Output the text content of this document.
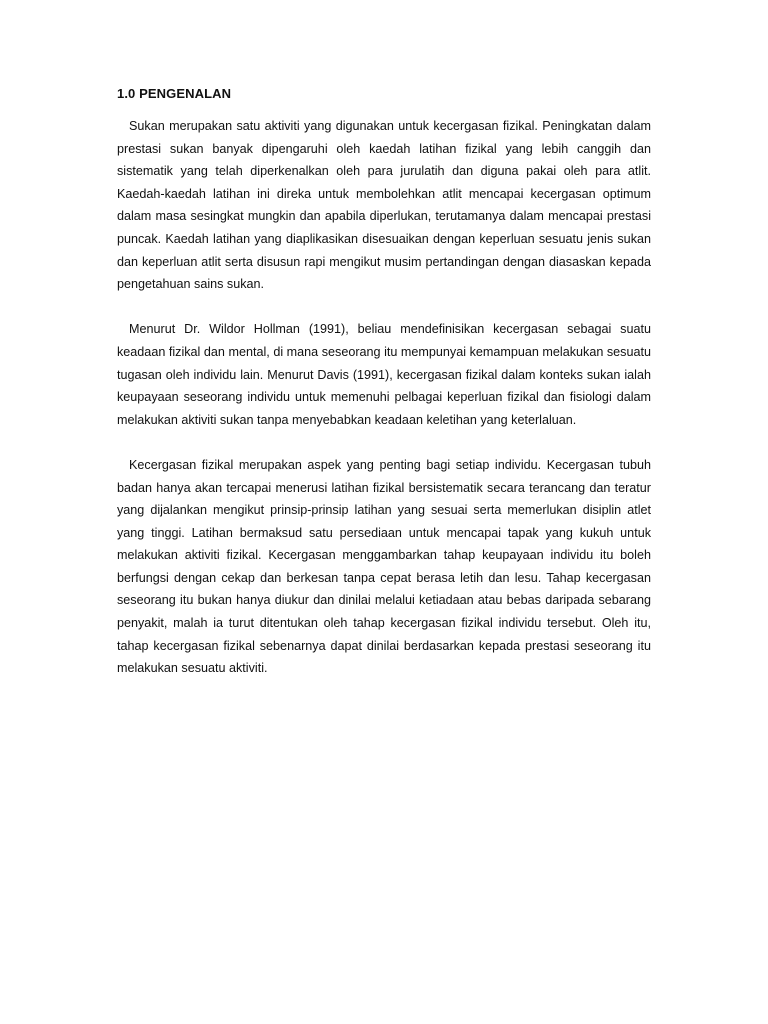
1.0 PENGENALAN

Sukan merupakan satu aktiviti yang digunakan untuk kecergasan fizikal. Peningkatan dalam prestasi sukan banyak dipengaruhi oleh kaedah latihan fizikal yang lebih canggih dan sistematik yang telah diperkenalkan oleh para jurulatih dan diguna pakai oleh para atlit. Kaedah-kaedah latihan ini direka untuk membolehkan atlit mencapai kecergasan optimum dalam masa sesingkat mungkin dan apabila diperlukan, terutamanya dalam mencapai prestasi puncak. Kaedah latihan yang diaplikasikan disesuaikan dengan keperluan sesuatu jenis sukan dan keperluan atlit serta disusun rapi mengikut musim pertandingan dengan diasaskan kepada pengetahuan sains sukan.

Menurut Dr. Wildor Hollman (1991), beliau mendefinisikan kecergasan sebagai suatu keadaan fizikal dan mental, di mana seseorang itu mempunyai kemampuan melakukan sesuatu tugasan oleh individu lain. Menurut Davis (1991), kecergasan fizikal dalam konteks sukan ialah keupayaan seseorang individu untuk memenuhi pelbagai keperluan fizikal dan fisiologi dalam melakukan aktiviti sukan tanpa menyebabkan keadaan keletihan yang keterlaluan.

Kecergasan fizikal merupakan aspek yang penting bagi setiap individu. Kecergasan tubuh badan hanya akan tercapai menerusi latihan fizikal bersistematik secara terancang dan teratur yang dijalankan mengikut prinsip-prinsip latihan yang sesuai serta memerlukan disiplin atlet yang tinggi. Latihan bermaksud satu persediaan untuk mencapai tapak yang kukuh untuk melakukan aktiviti fizikal. Kecergasan menggambarkan tahap keupayaan individu itu boleh berfungsi dengan cekap dan berkesan tanpa cepat berasa letih dan lesu. Tahap kecergasan seseorang itu bukan hanya diukur dan dinilai melalui ketiadaan atau bebas daripada sebarang penyakit, malah ia turut ditentukan oleh tahap kecergasan fizikal individu tersebut. Oleh itu, tahap kecergasan fizikal sebenarnya dapat dinilai berdasarkan kepada prestasi seseorang itu melakukan sesuatu aktiviti.
